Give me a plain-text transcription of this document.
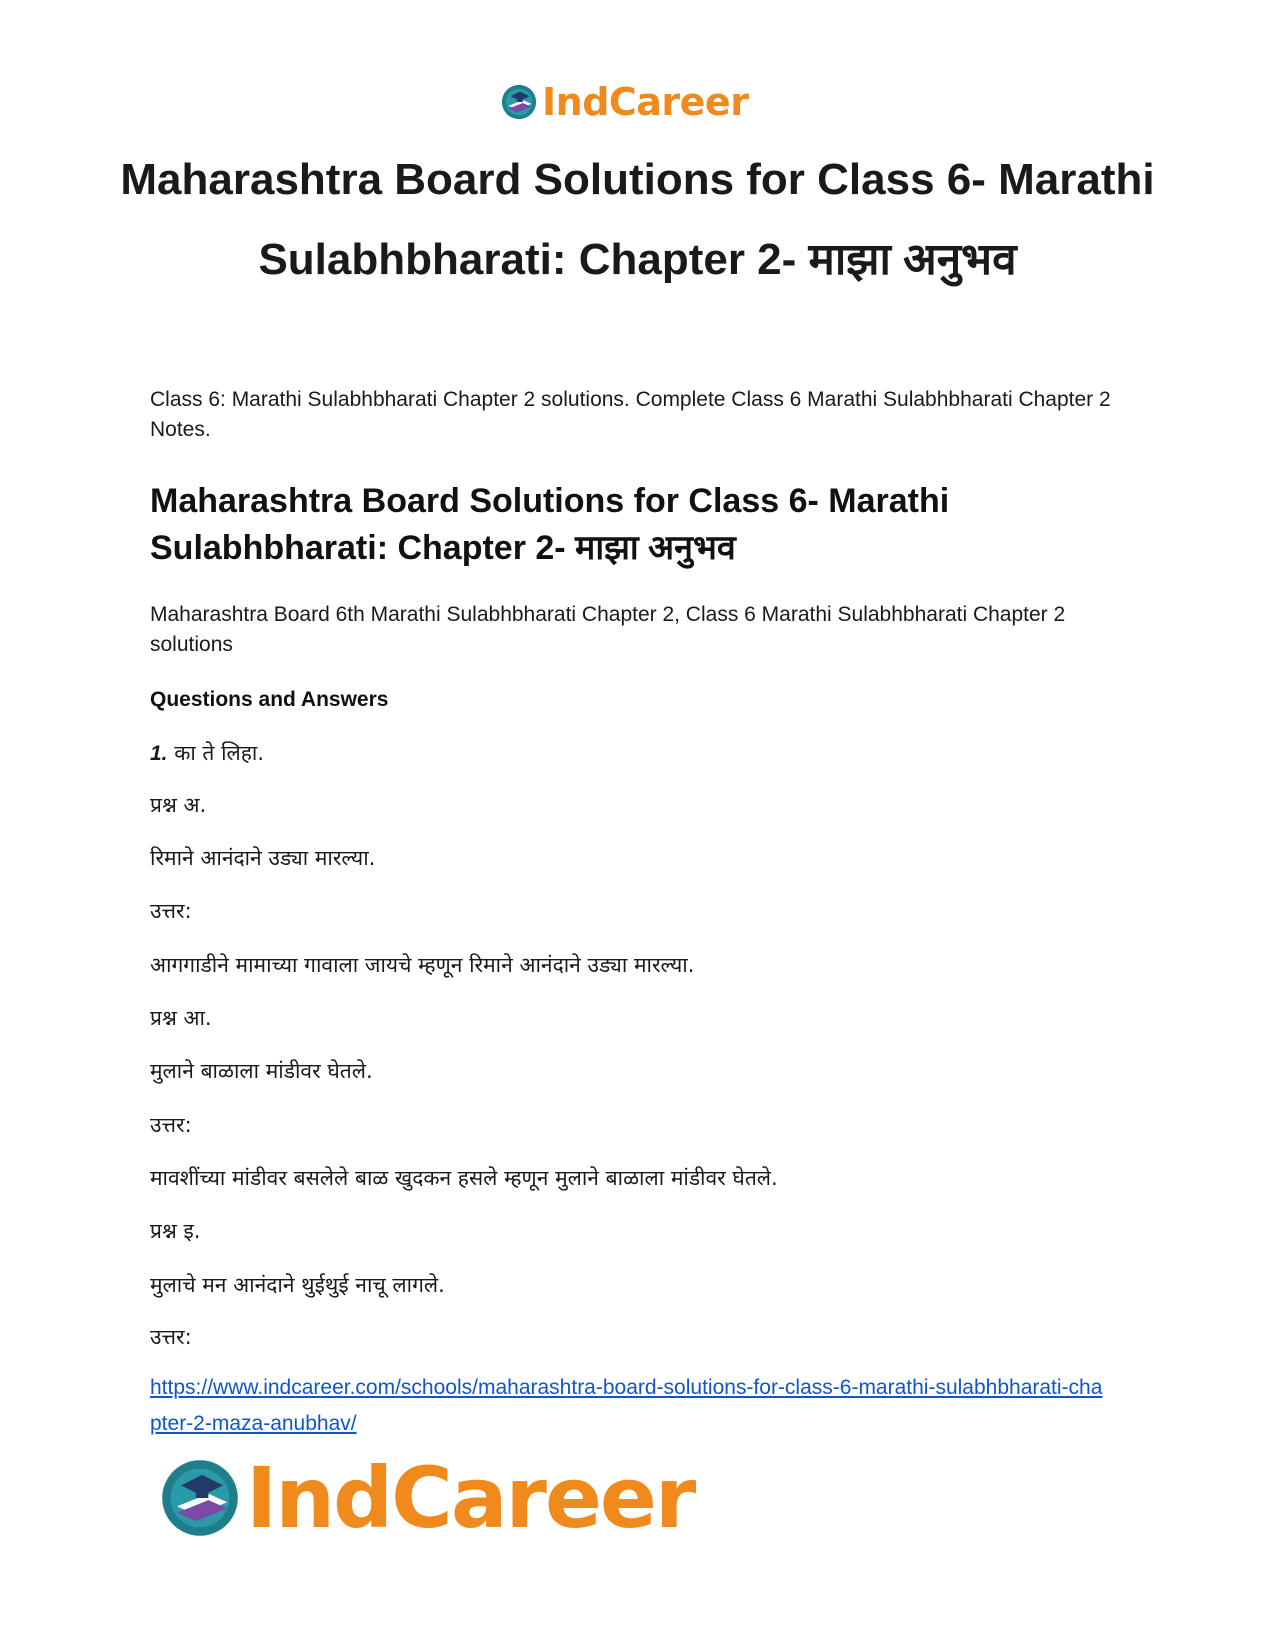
IndCareer
Maharashtra Board Solutions for Class 6- Marathi Sulabhbharati: Chapter 2- माझा अनुभव

Class 6: Marathi Sulabhbharati Chapter 2 solutions. Complete Class 6 Marathi Sulabhbharati Chapter 2 Notes.

Maharashtra Board Solutions for Class 6- Marathi Sulabhbharati: Chapter 2- माझा अनुभव

Maharashtra Board 6th Marathi Sulabhbharati Chapter 2, Class 6 Marathi Sulabhbharati Chapter 2 solutions

Questions and Answers

1. का ते लिहा.

प्रश्न अ.

रिमाने आनंदाने उड्या मारल्या.

उत्तर:

आगगाडीने मामाच्या गावाला जायचे म्हणून रिमाने आनंदाने उड्या मारल्या.

प्रश्न आ.

मुलाने बाळाला मांडीवर घेतले.

उत्तर:

मावशींच्या मांडीवर बसलेले बाळ खुदकन हसले म्हणून मुलाने बाळाला मांडीवर घेतले.

प्रश्न इ.

मुलाचे मन आनंदाने थुईथुई नाचू लागले.

उत्तर:

https://www.indcareer.com/schools/maharashtra-board-solutions-for-class-6-marathi-sulabhbharati-chapter-2-maza-anubhav/
IndCareer
